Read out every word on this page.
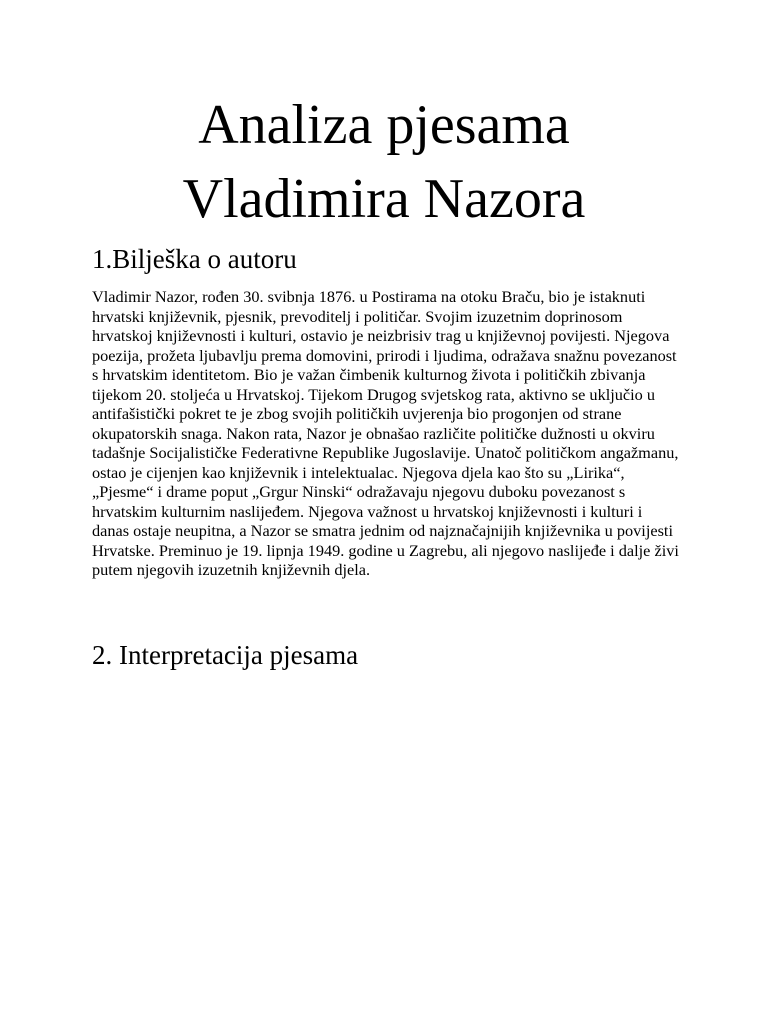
Analiza pjesama
Vladimira Nazora
1.Bilješka o autoru

Vladimir Nazor, rođen 30. svibnja 1876. u Postirama na otoku Braču, bio je istaknuti hrvatski književnik, pjesnik, prevoditelj i političar. Svojim izuzetnim doprinosom hrvatskoj književnosti i kulturi, ostavio je neizbrisiv trag u književnoj povijesti. Njegova poezija, prožeta ljubavlju prema domovini, prirodi i ljudima, odražava snažnu povezanost s hrvatskim identitetom. Bio je važan čimbenik kulturnog života i političkih zbivanja tijekom 20. stoljeća u Hrvatskoj. Tijekom Drugog svjetskog rata, aktivno se uključio u antifašistički pokret te je zbog svojih političkih uvjerenja bio progonjen od strane okupatorskih snaga. Nakon rata, Nazor je obnašao različite političke dužnosti u okviru tadašnje Socijalističke Federativne Republike Jugoslavije. Unatoč političkom angažmanu, ostao je cijenjen kao književnik i intelektualac. Njegova djela kao što su „Lirika“, „Pjesme“ i drame poput „Grgur Ninski“ odražavaju njegovu duboku povezanost s hrvatskim kulturnim naslijeđem. Njegova važnost u hrvatskoj književnosti i kulturi i danas ostaje neupitna, a Nazor se smatra jednim od najznačajnijih književnika u povijesti Hrvatske. Preminuo je 19. lipnja 1949. godine u Zagrebu, ali njegovo naslijeđe i dalje živi putem njegovih izuzetnih književnih djela.

2. Interpretacija pjesama
